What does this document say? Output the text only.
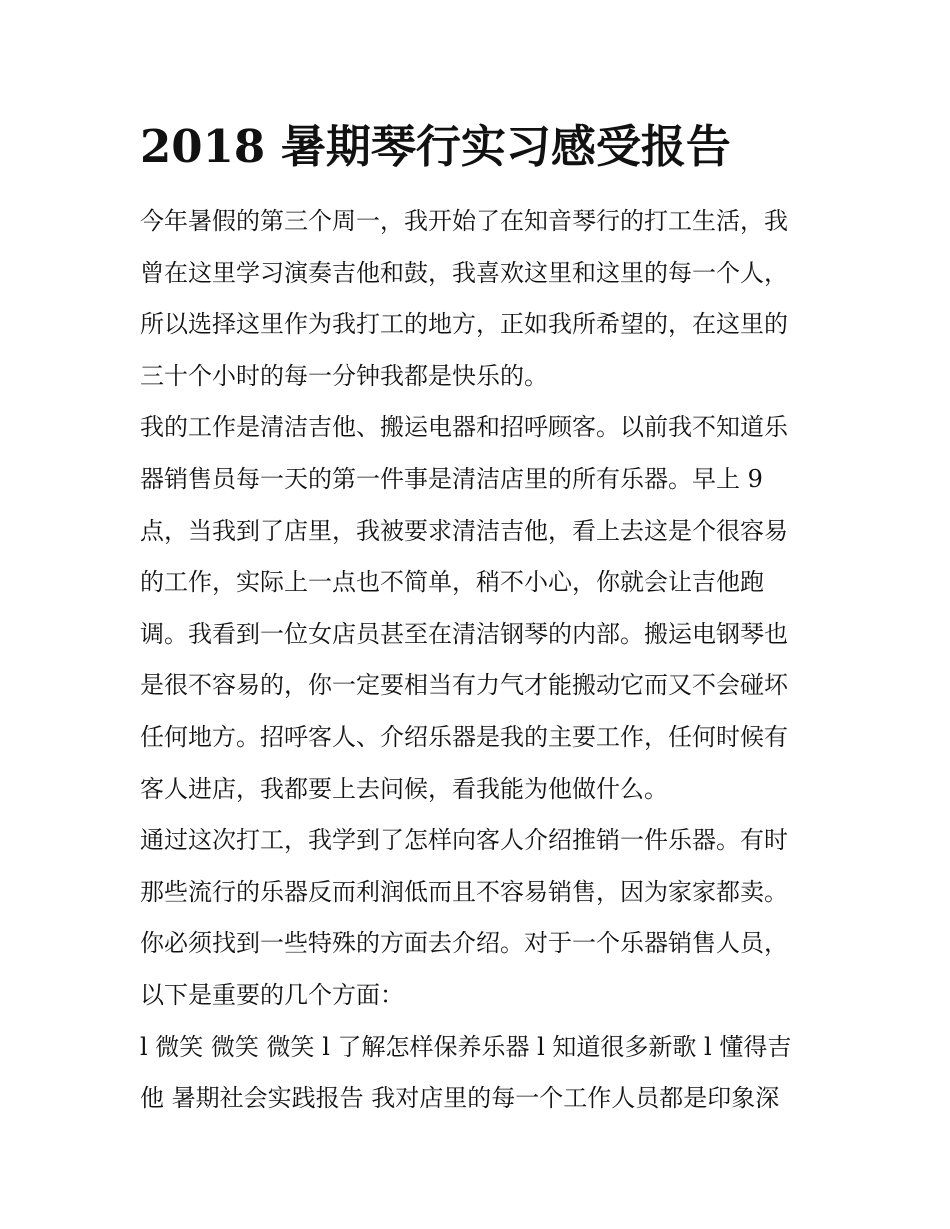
2018 暑期琴行实习感受报告
今年暑假的第三个周一，我开始了在知音琴行的打工生活，我
曾在这里学习演奏吉他和鼓，我喜欢这里和这里的每一个人，
所以选择这里作为我打工的地方，正如我所希望的，在这里的
三十个小时的每一分钟我都是快乐的。
我的工作是清洁吉他、搬运电器和招呼顾客。以前我不知道乐
器销售员每一天的第一件事是清洁店里的所有乐器。早上 9
点，当我到了店里，我被要求清洁吉他，看上去这是个很容易
的工作，实际上一点也不简单，稍不小心，你就会让吉他跑
调。我看到一位女店员甚至在清洁钢琴的内部。搬运电钢琴也
是很不容易的，你一定要相当有力气才能搬动它而又不会碰坏
任何地方。招呼客人、介绍乐器是我的主要工作，任何时候有
客人进店，我都要上去问候，看我能为他做什么。
通过这次打工，我学到了怎样向客人介绍推销一件乐器。有时
那些流行的乐器反而利润低而且不容易销售，因为家家都卖。
你必须找到一些特殊的方面去介绍。对于一个乐器销售人员，
以下是重要的几个方面：
l 微笑 微笑 微笑 l 了解怎样保养乐器 l 知道很多新歌 l 懂得吉
他 暑期社会实践报告 我对店里的每一个工作人员都是印象深
